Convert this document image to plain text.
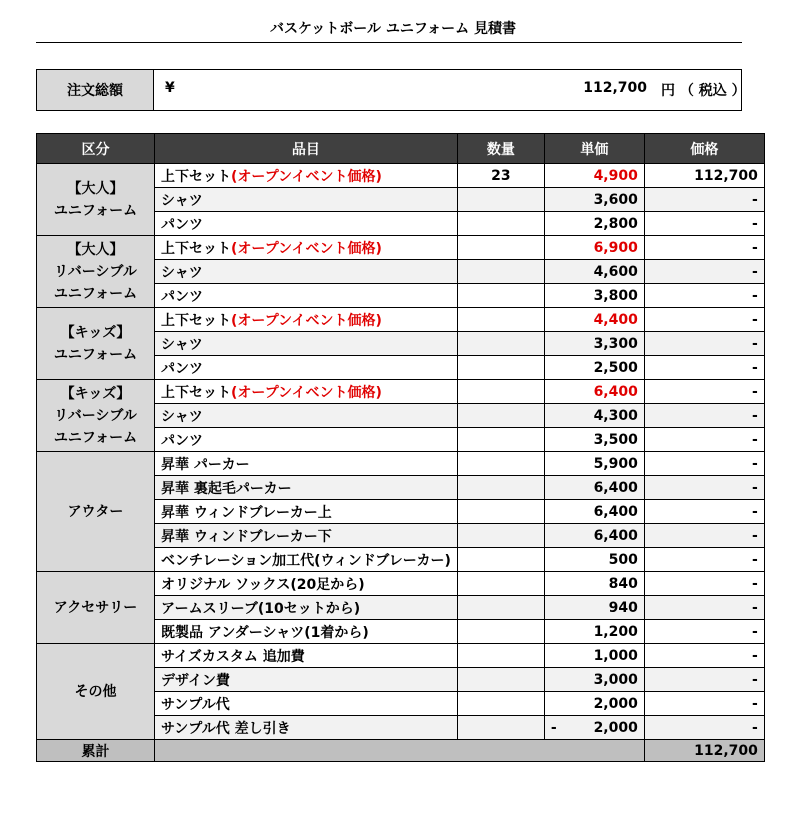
バスケットボール ユニフォーム 見積書
注文総額	¥	112,700 円 （ 税込 ）
区分	品目	数量	単価	価格

【大人】
ユニフォーム	上下セット(オープンイベント価格)	23	4,900	112,700
	シャツ		3,600	-
	パンツ		2,800	-

【大人】
リバーシブル
ユニフォーム	上下セット(オープンイベント価格)		6,900	-
	シャツ		4,600	-
	パンツ		3,800	-

【キッズ】
ユニフォーム	上下セット(オープンイベント価格)		4,400	-
	シャツ		3,300	-
	パンツ		2,500	-

【キッズ】
リバーシブル
ユニフォーム	上下セット(オープンイベント価格)		6,400	-
	シャツ		4,300	-
	パンツ		3,500	-

アウター	昇華 パーカー		5,900	-
	昇華 裏起毛パーカー		6,400	-
	昇華 ウィンドブレーカー上		6,400	-
	昇華 ウィンドブレーカー下		6,400	-
	ベンチレーション加工代(ウィンドブレーカー)		500	-

アクセサリー	オリジナル ソックス(20足から)		840	-
	アームスリーブ(10セットから)		940	-
	既製品 アンダーシャツ(1着から)		1,200	-

その他	サイズカスタム 追加費		1,000	-
	デザイン費		3,000	-
	サンプル代		2,000	-
	サンプル代 差し引き		- 2,000	-
累計				112,700
